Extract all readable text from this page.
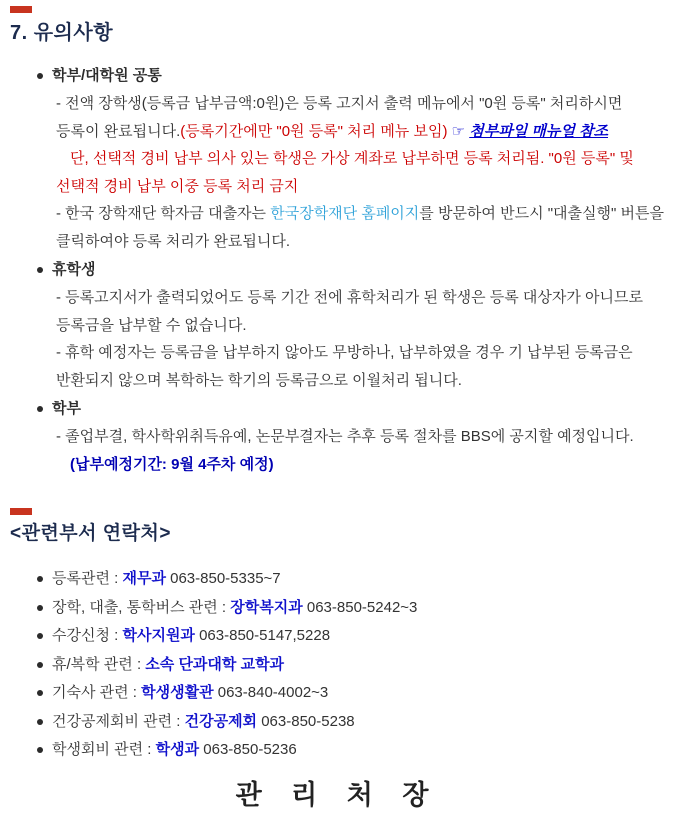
7. 유의사항
학부/대학원 공통

- 전액 장학생(등록금 납부금액:0원)은 등록 고지서 출력 메뉴에서 "0원 등록" 처리하시면 등록이 완료됩니다.(등록기간에만 "0원 등록" 처리 메뉴 보임) ☞ 첨부파일 매뉴얼 참조

단, 선택적 경비 납부 의사 있는 학생은 가상 계좌로 납부하면 등록 처리됨. "0원 등록" 및 선택적 경비 납부 이중 등록 처리 금지

- 한국 장학재단 학자금 대출자는 한국장학재단 홈페이지를 방문하여 반드시 "대출실행" 버튼을 클릭하여야 등록 처리가 완료됩니다.

휴학생

- 등록고지서가 출력되었어도 등록 기간 전에 휴학처리가 된 학생은 등록 대상자가 아니므로 등록금을 납부할 수 없습니다.

- 휴학 예정자는 등록금을 납부하지 않아도 무방하나, 납부하였을 경우 기 납부된 등록금은 반환되지 않으며 복학하는 학기의 등록금으로 이월처리 됩니다.

학부

- 졸업부결, 학사학위취득유예, 논문부결자는 추후 등록 절차를 BBS에 공지할 예정입니다.

(납부예정기간: 9월 4주차 예정)

<관련부서 연락처>
등록관련 : 재무과 063-850-5335~7
장학, 대출, 통학버스 관련 : 장학복지과 063-850-5242~3
수강신청 : 학사지원과 063-850-5147,5228
휴/복학 관련 : 소속 단과대학 교학과
기숙사 관련 : 학생생활관 063-840-4002~3
건강공제회비 관련 : 건강공제회 063-850-5238
학생회비 관련 : 학생과 063-850-5236
관 리 처 장
